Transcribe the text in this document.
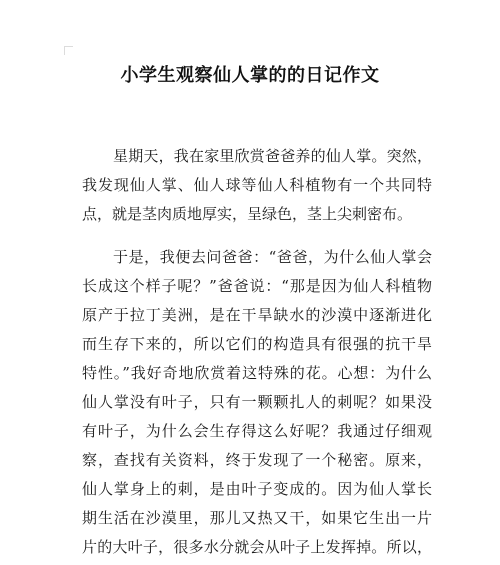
小学生观察仙人掌的的日记作文
星期天，我在家里欣赏爸爸养的仙人掌。突然，
我发现仙人掌、仙人球等仙人科植物有一个共同特
点，就是茎肉质地厚实，呈绿色，茎上尖刺密布。
于是，我便去问爸爸：“爸爸，为什么仙人掌会
长成这个样子呢？”爸爸说：“那是因为仙人科植物
原产于拉丁美洲，是在干旱缺水的沙漠中逐渐进化
而生存下来的，所以它们的构造具有很强的抗干旱
特性。”我好奇地欣赏着这特殊的花。心想：为什么
仙人掌没有叶子，只有一颗颗扎人的刺呢？如果没
有叶子，为什么会生存得这么好呢？我通过仔细观
察，查找有关资料，终于发现了一个秘密。原来，
仙人掌身上的刺，是由叶子变成的。因为仙人掌长
期生活在沙漠里，那儿又热又干，如果它生出一片
片的大叶子，很多水分就会从叶子上发挥掉。所以，
